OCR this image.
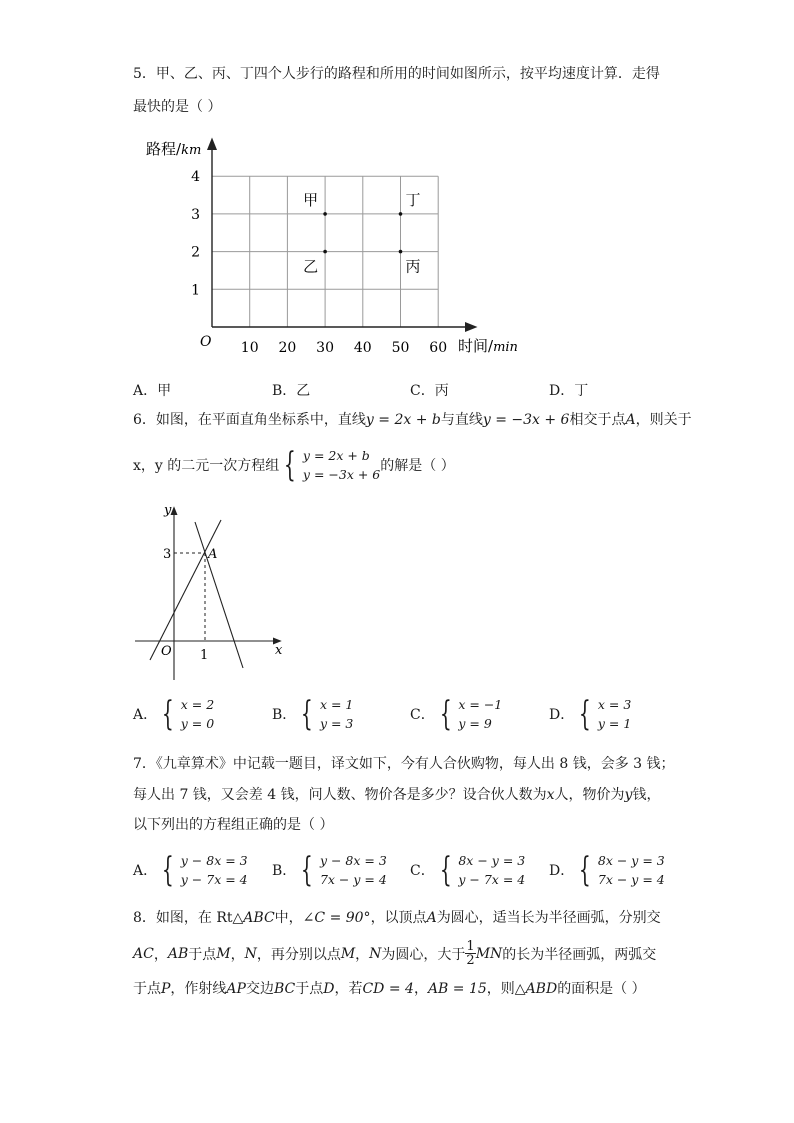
5．甲、乙、丙、丁四个人步行的路程和所用的时间如图所示，按平均速度计算．走得
最快的是（ ）
路程/km
时间/min
O 10 20 30 40 50 60
1
2
3
4
甲
乙
丁
丙
A．甲	B．乙	C．丙	D．丁
6．如图，在平面直角坐标系中，直线y = 2x + b与直线y = −3x + 6相交于点A，则关于
x，y 的二元一次方程组 { y = 2x + b
y = −3x + 6
的解是（ ）
y
x
O 1
3	A
A． { x = 2
y = 0
B． { x = 1
y = 3
C． { x = −1
y = 9
D． { x = 3
y = 1
7．《九章算术》中记载一题目，译文如下，今有人合伙购物，每人出 8 钱，会多 3 钱；
每人出 7 钱，又会差 4 钱，问人数、物价各是多少？设合伙人数为x人，物价为y钱，
以下列出的方程组正确的是（ ）
A． { y − 8x = 3
y − 7x = 4
B． { y − 8x = 3
7x − y = 4
C． { 8x − y = 3
y − 7x = 4
D． { 8x − y = 3
7x − y = 4
8．如图，在 Rt△ABC中，∠C = 90°，以顶点A为圆心，适当长为半径画弧，分别交
AC ， AB 于点 M ， N ，再分别以点 M ， N 为圆心，大于 $\frac{1}{2}$ MN 的长为半径画弧，两弧交
于点P，作射线AP交边BC于点D，若CD = 4，AB = 15，则△ABD的面积是（ ）
